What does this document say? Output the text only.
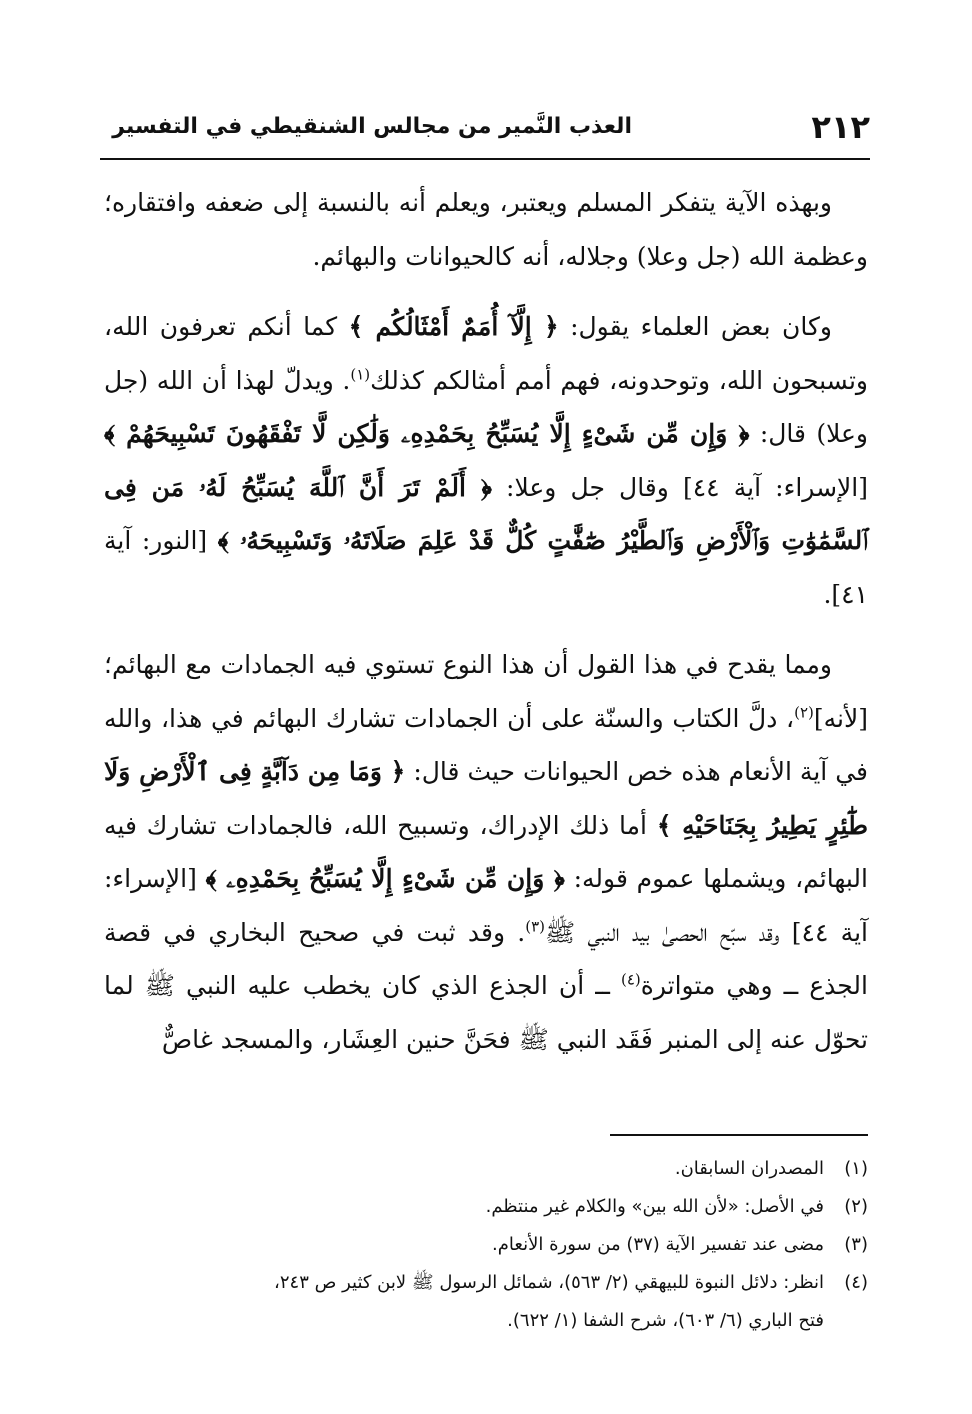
٢١٢
العذب النَّمير من مجالس الشنقيطي في التفسير

وبهذه الآية يتفكر المسلم ويعتبر، ويعلم أنه بالنسبة إلى ضعفه وافتقاره؛ وعظمة الله (جل وعلا) وجلاله، أنه كالحيوانات والبهائم.

وكان بعض العلماء يقول: ﴿ إِلَّآ أُمَمٌ أَمْثَالُكُم ﴾ كما أنكم تعرفون الله، وتسبحون الله، وتوحدونه، فهم أمم أمثالكم كذلك$^{(١)}$. ويدلّ لهذا أن الله (جل وعلا) قال: ﴿ وَإِن مِّن شَىْءٍ إِلَّا يُسَبِّحُ بِحَمْدِهِۦ وَلَٰكِن لَّا تَفْقَهُونَ تَسْبِيحَهُمْ ﴾ [الإسراء: آية ٤٤] وقال جل وعلا: ﴿ أَلَمْ تَرَ أَنَّ ٱللَّهَ يُسَبِّحُ لَهُۥ مَن فِى ٱلسَّمَٰوَٰتِ وَٱلْأَرْضِ وَٱلطَّيْرُ صَٰٓفَّٰتٍ كُلٌّ قَدْ عَلِمَ صَلَاتَهُۥ وَتَسْبِيحَهُۥ ﴾ [النور: آية ٤١].

ومما يقدح في هذا القول أن هذا النوع تستوي فيه الجمادات مع البهائم؛ [لأنه]$^{(٢)}$، دلَّ الكتاب والسنّة على أن الجمادات تشارك البهائم في هذا، والله في آية الأنعام هذه خص الحيوانات حيث قال: ﴿ وَمَا مِن دَآبَّةٍ فِى ٱلْأَرْضِ وَلَا طَٰٓئِرٍ يَطِيرُ بِجَنَاحَيْهِ ﴾ أما ذلك الإدراك، وتسبيح الله، فالجمادات تشارك فيه البهائم، ويشملها عموم قوله: ﴿ وَإِن مِّن شَىْءٍ إِلَّا يُسَبِّحُ بِحَمْدِهِۦ ﴾ [الإسراء: آية ٤٤] وقد سبّح الحصىٰ بيد النبي ﷺ$^{(٣)}$. وقد ثبت في صحيح البخاري في قصة الجذع ــ وهي متواترة$^{(٤)}$ ــ أن الجذع الذي كان يخطب عليه النبي ﷺ لما تحوّل عنه إلى المنبر فَقَد النبي ﷺ فحَنَّ حنين العِشَار، والمسجد غاصٌّ

(١)
المصدران السابقان.
(٢)
في الأصل: «لأن الله بين» والكلام غير منتظم.
(٣)
مضى عند تفسير الآية (٣٧) من سورة الأنعام.
(٤)
انظر: دلائل النبوة للبيهقي (٢/ ٥٦٣)، شمائل الرسول ﷺ لابن كثير ص ٢٤٣،
فتح الباري (٦/ ٦٠٣)، شرح الشفا (١/ ٦٢٢).
